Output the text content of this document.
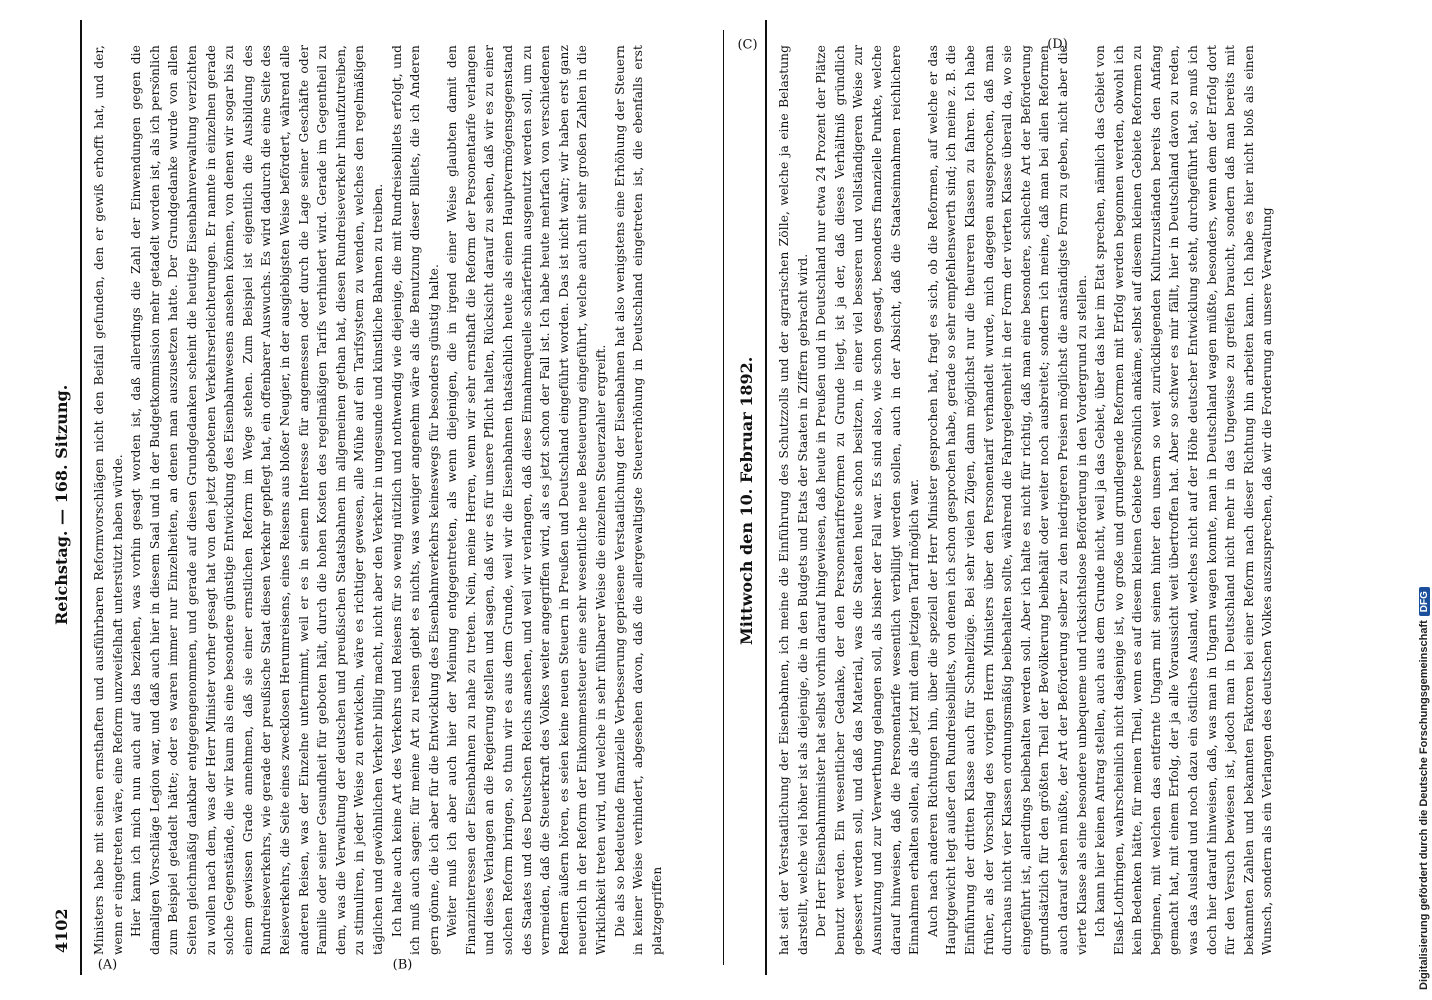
4102
Reichstag. — 168. Sitzung.	Mittwoch den 10. Februar 1892.

Ministers habe mit seinen ernsthaften und ausführbaren Reformvorschlägen nicht den Beifall gefunden, den er gewiß erhofft hat, und der, wenn er eingetreten wäre, eine Reform unzweifelhaft unterstützt haben würde. Hier kann ich mich nun auch auf das beziehen, was vorhin gesagt worden ist, daß allerdings die Zahl der Einwendungen gegen die damaligen Vorschläge Legion war, und daß auch hier in diesem Saal und in der Budgetkommission mehr getadelt worden ist, als ich persönlich zum Beispiel getadelt hätte; oder es waren immer nur Einzelheiten, an denen man auszusetzen hatte. Der Grundgedanke wurde von allen Seiten gleichmäßig dankbar entgegengenommen, und gerade auf diesen Grundgedanken scheint die heutige Eisenbahnverwaltung verzichten zu wollen nach dem, was der Herr Minister vorher gesagt hat von den jetzt gebotenen Verkehrserleichterungen. Er nannte in einzelnen gerade solche Gegenstände, die wir kaum als eine besondere günstige Entwicklung des Eisenbahnwesens ansehen können, von denen wir sogar bis zu einem gewissen Grade annehmen, daß sie einer ernstlichen Reform im Wege stehen. Zum Beispiel ist eigentlich die Ausbildung des Rundreiseverkehrs, wie gerade der preußische Staat diesen Verkehr gepflegt hat, ein offenbarer Auswuchs. Es wird dadurch die eine Seite des Reiseverkehrs, die Seite eines zwecklosen Herumreisens, eines Reisens aus bloßer Neugier, in der ausgiebigsten Weise befördert, während alle anderen Reisen, was der Einzelne unternimmt, weil er es in seinem Interesse für angemessen oder durch die Lage seiner Geschäfte oder Familie oder seiner Gesundheit für geboten hält, durch die hohen Kosten des regelmäßigen Tarifs verhindert wird. Gerade im Gegentheil zu dem, was die Verwaltung der deutschen und preußischen Staatsbahnen im allgemeinen gethan hat, diesen Rundreiseverkehr hinaufzutreiben, zu stimuliren, in jeder Weise zu entwickeln, wäre es richtiger gewesen, alle Mühe auf ein Tarifsystem zu wenden, welches den regelmäßigen täglichen und gewöhnlichen Verkehr billig macht, nicht aber den Verkehr in ungesunde und künstliche Bahnen zu treiben. Ich halte auch keine Art des Verkehrs und Reisens für so wenig nützlich und nothwendig wie diejenige, die mit Rundreisebillets erfolgt, und ich muß auch sagen: für meine Art zu reisen giebt es nichts, was weniger angenehm wäre als die Benutzung dieser Billets, die ich Anderen gern gönne, die ich aber für die Entwicklung des Eisenbahnverkehrs keineswegs für besonders günstig halte. Weiter muß ich aber auch hier der Meinung entgegentreten, als wenn diejenigen, die in irgend einer Weise glaubten damit den Finanzinteressen der Eisenbahnen zu nahe zu treten. Nein, meine Herren, wenn wir sehr ernsthaft die Reform der Personentarife verlangen und dieses Verlangen an die Regierung stellen und sagen, daß wir es für unsere Pflicht halten, Rücksicht darauf zu sehen, daß wir es zu einer solchen Reform bringen, so thun wir es aus dem Grunde, weil wir die Eisenbahnen thatsächlich heute als einen Hauptvermögensgegenstand des Staates und des Deutschen Reichs ansehen, und weil wir verlangen, daß diese Einnahmequelle schärferhin ausgenutzt werden soll, um zu vermeiden, daß die Steuerkraft des Volkes weiter angegriffen wird, als es jetzt schon der Fall ist. Ich habe heute mehrfach von verschiedenen Rednern äußern hören, es seien keine neuen Steuern in Preußen und Deutschland eingeführt worden. Das ist nicht wahr; wir haben erst ganz neuerlich in der Reform der Einkommensteuer eine sehr wesentliche neue Besteuerung eingeführt, welche auch mit sehr großen Zahlen in die Wirklichkeit treten wird, und welche in sehr fühlbarer Weise die einzelnen Steuerzahler ergreift. Die als so bedeutende finanzielle Verbesserung gepriesene Verstaatlichung der Eisenbahnen hat also wenigstens eine Erhöhung der Steuern in keiner Weise verhindert, abgesehen davon, daß die allergewaltigste Steuererhöhung in Deutschland eingetreten ist, die ebenfalls erst platzgegriffen	hat seit der Verstaatlichung der Eisenbahnen, ich meine die Einführung des Schutzzolls und der agrarischen Zölle, welche ja eine Belastung darstellt, welche viel höher ist als diejenige, die in den Budgets und Etats der Staaten in Ziffern gebracht wird. Der Herr Eisenbahnminister hat selbst vorhin darauf hingewiesen, daß heute in Preußen und in Deutschland nur etwa 24 Prozent der Plätze benutzt werden. Ein wesentlicher Gedanke, der den Personentarifreformen zu Grunde liegt, ist ja der, daß dieses Verhältniß gründlich gebessert werden soll, und daß das Material, was die Staaten heute schon besitzen, in einer viel besseren und vollständigeren Weise zur Ausnutzung und zur Verwerthung gelangen soll, als bisher der Fall war. Es sind also, wie schon gesagt, besonders finanzielle Punkte, welche darauf hinweisen, daß die Personentarife wesentlich verbilligt werden sollen, auch in der Absicht, daß die Staatseinnahmen reichlichere Einnahmen erhalten sollen, als die jetzt mit dem jetzigen Tarif möglich war. Auch nach anderen Richtungen hin, über die speziell der Herr Minister gesprochen hat, fragt es sich, ob die Reformen, auf welche er das Hauptgewicht legt außer den Rundreisebillets, von denen ich schon gesprochen habe, gerade so sehr empfehlenswerth sind; ich meine z. B. die Einführung der dritten Klasse auch für Schnellzüge. Bei sehr vielen Zügen, dann möglichst nur die theureren Klassen zu fahren. Ich habe früher, als der Vorschlag des vorigen Herrn Ministers über den Personentarif verhandelt wurde, mich dagegen ausgesprochen, daß man durchaus nicht vier Klassen ordnungsmäßig beibehalten sollte, während die Fahrgelegenheit in der Form der vierten Klasse überall da, wo sie eingeführt ist, allerdings beibehalten werden soll. Aber ich halte es nicht für richtig, daß man eine besondere, schlechte Art der Beförderung grundsätzlich für den größten Theil der Bevölkerung beibehält oder weiter noch ausbreitet; sondern ich meine, daß man bei allen Reformen auch darauf sehen müßte, der Art der Beförderung selber zu den niedrigeren Preisen möglichst die anständigste Form zu geben, nicht aber die vierte Klasse als eine besondere unbequeme und rücksichtslose Beförderung in den Vordergrund zu stellen. Ich kann hier keinen Antrag stellen, auch aus dem Grunde nicht, weil ja das Gebiet, über das hier im Etat sprechen, nämlich das Gebiet von Elsaß-Lothringen, wahrscheinlich nicht dasjenige ist, wo große und grundlegende Reformen mit Erfolg werden begonnen werden, obwohl ich kein Bedenken hätte, für meinen Theil, wenn es auf diesem kleinen Gebiete persönlich ankäme, selbst auf diesem kleinen Gebiete Reformen zu beginnen, mit welchen das entfernte Ungarn mit seinen hinter den unsern so weit zurückliegenden Kulturzuständen bereits den Anfang gemacht hat, mit einem Erfolg, der ja alle Voraussicht weit übertroffen hat. Aber so schwer es mir fällt, hier in Deutschland davon zu reden, was das Ausland und noch dazu ein östliches Ausland, welches nicht auf der Höhe deutscher Entwicklung steht, durchgeführt hat, so muß ich doch hier darauf hinweisen, daß, was man in Ungarn wagen konnte, man in Deutschland wagen müßte, besonders, wenn dem der Erfolg dort für den Versuch bewiesen ist, jedoch man in Deutschland nicht mehr in das Ungewisse zu greifen braucht, sondern daß man bereits mit bekannten Zahlen und bekannten Faktoren bei einer Reform nach dieser Richtung hin arbeiten kann. Ich habe es hier nicht bloß als einen Wunsch, sondern als ein Verlangen des deutschen Volkes auszusprechen, daß wir die Forderung an unsere Verwaltung

(A)	(B)
(C)	(D)
Digitalisierung gefördert durch die Deutsche ForschungsgemeinschaftDFG
